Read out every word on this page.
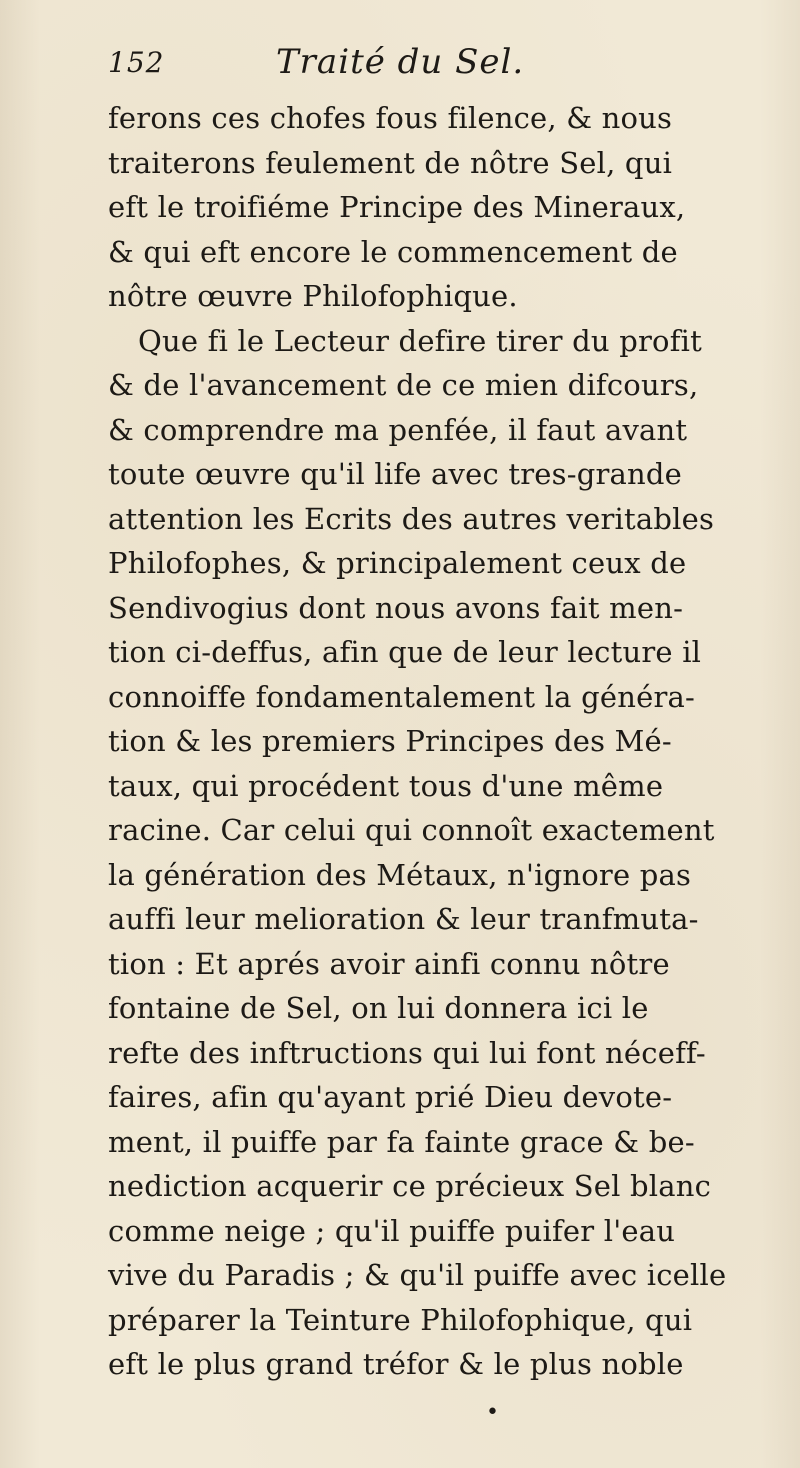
152	Traité du Sel.
ferons ces chofes fous filence, & nous
traiterons feulement de nôtre Sel, qui
eft le troifiéme Principe des Mineraux,
& qui eft encore le commencement de
nôtre œuvre Philofophique.
Que fi le Lecteur defire tirer du profit
& de l'avancement de ce mien difcours,
& comprendre ma penfée, il faut avant
toute œuvre qu'il life avec tres-grande
attention les Ecrits des autres veritables
Philofophes, & principalement ceux de
Sendivogius dont nous avons fait men-
tion ci-deffus, afin que de leur lecture il
connoiffe fondamentalement la généra-
tion & les premiers Principes des Mé-
taux, qui procédent tous d'une même
racine. Car celui qui connoît exactement
la génération des Métaux, n'ignore pas
auffi leur melioration & leur tranfmuta-
tion : Et aprés avoir ainfi connu nôtre
fontaine de Sel, on lui donnera ici le
refte des inftructions qui lui font néceff-
faires, afin qu'ayant prié Dieu devote-
ment, il puiffe par fa fainte grace & be-
nediction acquerir ce précieux Sel blanc
comme neige ; qu'il puiffe puifer l'eau
vive du Paradis ; & qu'il puiffe avec icelle
préparer la Teinture Philofophique, qui
eft le plus grand tréfor & le plus noble
•
